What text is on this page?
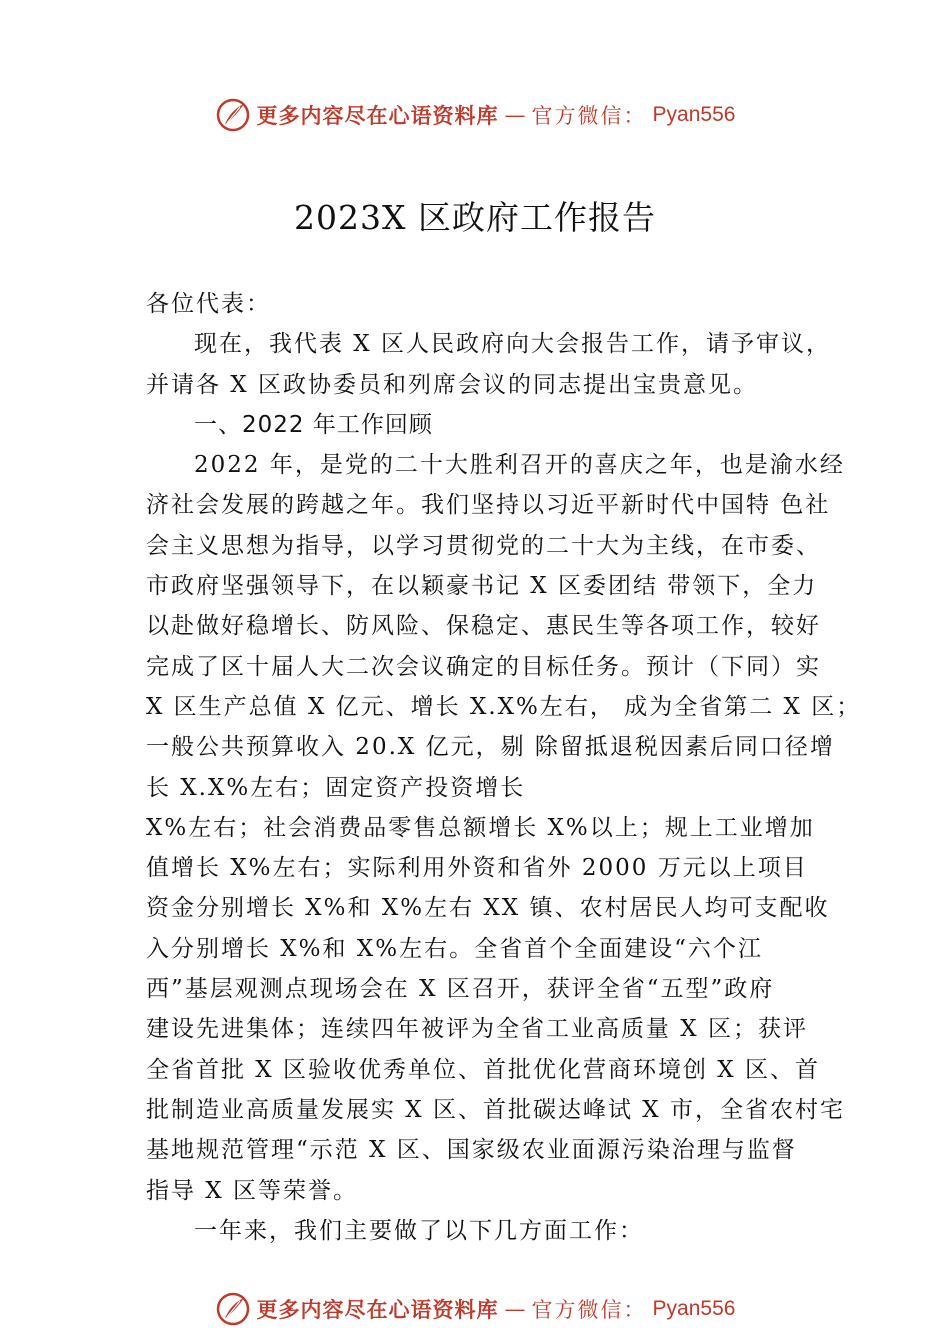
更多内容尽在心语资料库 — 官方微信： Pyan556
2023X 区政府工作报告
各位代表：
现在，我代表 X 区人民政府向大会报告工作，请予审议，
并请各 X 区政协委员和列席会议的同志提出宝贵意见。
一、2022 年工作回顾
2022 年，是党的二十大胜利召开的喜庆之年，也是渝水经
济社会发展的跨越之年。我们坚持以习近平新时代中国特 色社
会主义思想为指导，以学习贯彻党的二十大为主线，在市委、
市政府坚强领导下，在以颖豪书记 X 区委团结 带领下，全力
以赴做好稳增长、防风险、保稳定、惠民生等各项工作，较好
完成了区十届人大二次会议确定的目标任务。预计（下同）实
X 区生产总值 X 亿元、增长 X.X%左右， 成为全省第二 X 区；
一般公共预算收入 20.X 亿元，剔 除留抵退税因素后同口径增
长 X.X%左右；固定资产投资增长
X%左右；社会消费品零售总额增长 X%以上；规上工业增加
值增长 X%左右；实际利用外资和省外 2000 万元以上项目
资金分别增长 X%和 X%左右 XX 镇、农村居民人均可支配收
入分别增长 X%和 X%左右。全省首个全面建设“六个江
西”基层观测点现场会在 X 区召开，获评全省“五型”政府
建设先进集体；连续四年被评为全省工业高质量 X 区；获评
全省首批 X 区验收优秀单位、首批优化营商环境创 X 区、首
批制造业高质量发展实 X 区、首批碳达峰试 X 市，全省农村宅
基地规范管理“示范 X 区、国家级农业面源污染治理与监督
指导 X 区等荣誉。
一年来，我们主要做了以下几方面工作：
更多内容尽在心语资料库 — 官方微信： Pyan556
